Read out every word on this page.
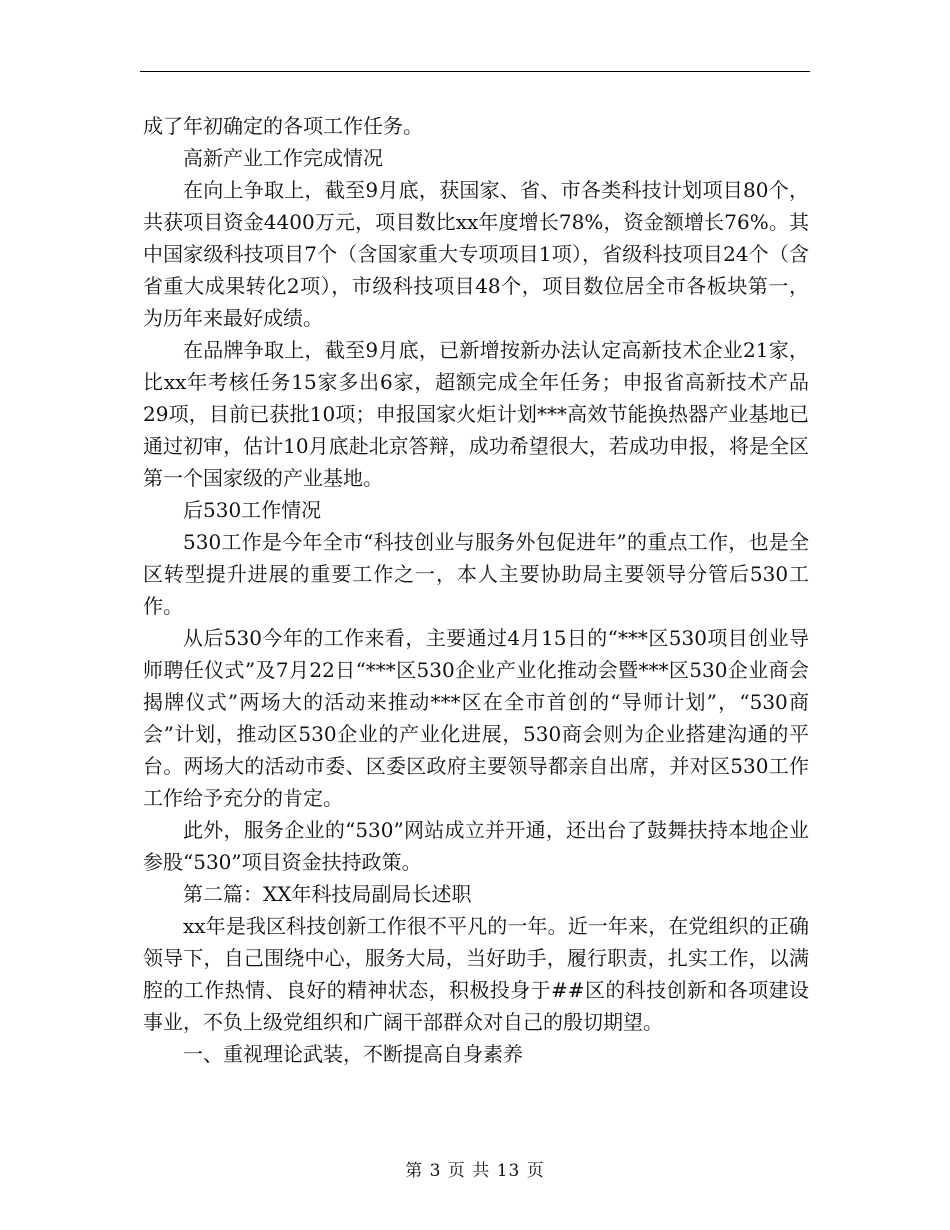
成了年初确定的各项工作任务。

高新产业工作完成情况

在向上争取上，截至9月底，获国家、省、市各类科技计划项目80个，共获项目资金4400万元，项目数比xx年度增长78%，资金额增长76%。其中国家级科技项目7个（含国家重大专项项目1项），省级科技项目24个（含省重大成果转化2项），市级科技项目48个，项目数位居全市各板块第一，为历年来最好成绩。

在品牌争取上，截至9月底，已新增按新办法认定高新技术企业21家，比xx年考核任务15家多出6家，超额完成全年任务；申报省高新技术产品29项，目前已获批10项；申报国家火炬计划***高效节能换热器产业基地已通过初审，估计10月底赴北京答辩，成功希望很大，若成功申报，将是全区第一个国家级的产业基地。

后530工作情况

530工作是今年全市“科技创业与服务外包促进年”的重点工作，也是全区转型提升进展的重要工作之一，本人主要协助局主要领导分管后530工作。

从后530今年的工作来看，主要通过4月15日的“***区530项目创业导师聘任仪式”及7月22日“***区530企业产业化推动会暨***区530企业商会揭牌仪式”两场大的活动来推动***区在全市首创的“导师计划”，“530商会”计划，推动区530企业的产业化进展，530商会则为企业搭建沟通的平台。两场大的活动市委、区委区政府主要领导都亲自出席，并对区530工作工作给予充分的肯定。

此外，服务企业的“530”网站成立并开通，还出台了鼓舞扶持本地企业参股“530”项目资金扶持政策。

第二篇：XX年科技局副局长述职

xx年是我区科技创新工作很不平凡的一年。近一年来，在党组织的正确领导下，自己围绕中心，服务大局，当好助手，履行职责，扎实工作，以满腔的工作热情、良好的精神状态，积极投身于##区的科技创新和各项建设事业，不负上级党组织和广阔干部群众对自己的殷切期望。

一、重视理论武装，不断提高自身素养

第 3 页 共 13 页
